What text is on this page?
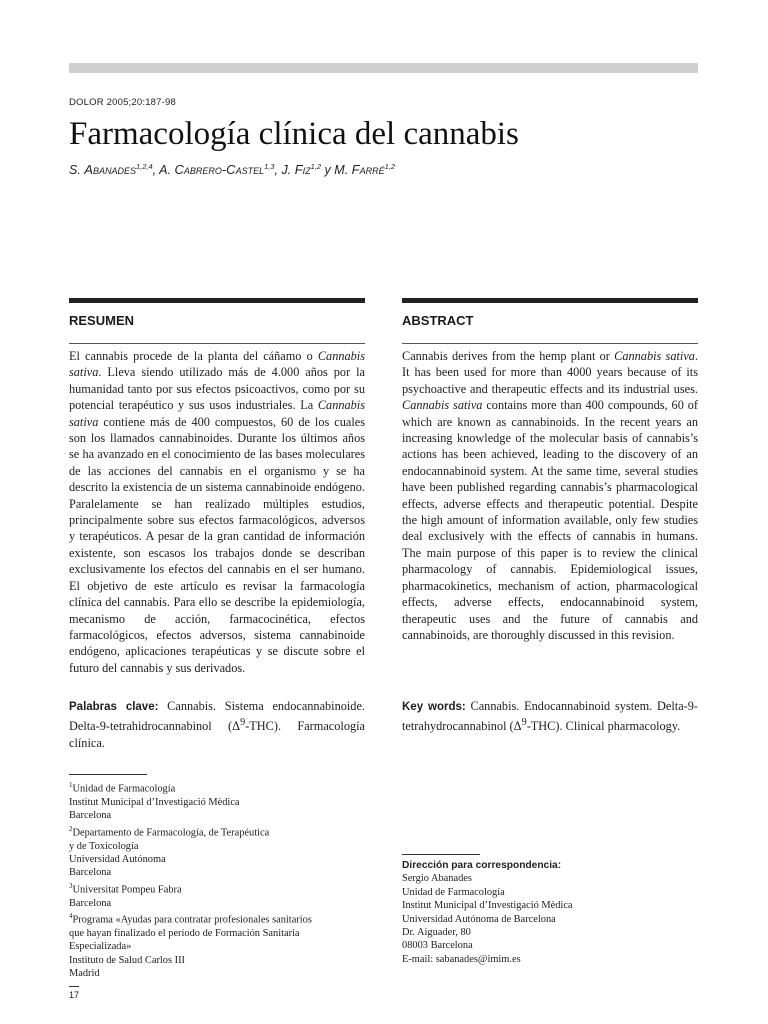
DOLOR 2005;20:187-98
Farmacología clínica del cannabis
S. Abanades$^{1,2,4}$, A. Cabrero-Castel$^{1,3}$, J. Fiz$^{1,2}$ y M. Farré$^{1,2}$
RESUMEN

El cannabis procede de la planta del cáñamo o Cannabis sativa. Lleva siendo utilizado más de 4.000 años por la humanidad tanto por sus efectos psicoactivos, como por su potencial terapéutico y sus usos industriales. La Cannabis sativa contiene más de 400 compuestos, 60 de los cuales son los llamados cannabinoides. Durante los últimos años se ha avanzado en el conocimiento de las bases moleculares de las acciones del cannabis en el organismo y se ha descrito la existencia de un sistema cannabinoide endógeno. Paralelamente se han realizado múltiples estudios, principalmente sobre sus efectos farmacológicos, adversos y terapéuticos. A pesar de la gran cantidad de información existente, son escasos los trabajos donde se describan exclusivamente los efectos del cannabis en el ser humano. El objetivo de este artículo es revisar la farmacología clínica del cannabis. Para ello se describe la epidemiología, mecanismo de acción, farmacocinética, efectos farmacológicos, efectos adversos, sistema cannabinoide endógeno, aplicaciones terapéuticas y se discute sobre el futuro del cannabis y sus derivados.

Palabras clave: Cannabis. Sistema endocannabinoide. Delta-9-tetrahidrocannabinol $(\Delta^9-THC)$. Farmacología clínica.

ABSTRACT

Cannabis derives from the hemp plant or Cannabis sativa. It has been used for more than 4000 years because of its psychoactive and therapeutic effects and its industrial uses. Cannabis sativa contains more than 400 compounds, 60 of which are known as cannabinoids. In the recent years an increasing knowledge of the molecular basis of cannabis’s actions has been achieved, leading to the discovery of an endocannabinoid system. At the same time, several studies have been published regarding cannabis’s pharmacological effects, adverse effects and therapeutic potential. Despite the high amount of information available, only few studies deal exclusively with the effects of cannabis in humans. The main purpose of this paper is to review the clinical pharmacology of cannabis. Epidemiological issues, pharmacokinetics, mechanism of action, pharmacological effects, adverse effects, endocannabinoid system, therapeutic uses and the future of cannabis and cannabinoids, are thoroughly discussed in this revision.

Key words: Cannabis. Endocannabinoid system. Delta-9-tetrahydrocannabinol $(\Delta^9-THC)$. Clinical pharmacology.

$^1$Unidad de Farmacología
Institut Municipal d’Investigació Mèdica
Barcelona
$^2$Departamento de Farmacología, de Terapéutica
y de Toxicología
Universidad Autónoma
Barcelona
$^3$Universitat Pompeu Fabra
Barcelona
$^4$Programa «Ayudas para contratar profesionales sanitarios
que hayan finalizado el período de Formación Sanitaria
Especializada»
Instituto de Salud Carlos III
Madrid
Dirección para correspondencia:
Sergio Abanades
Unidad de Farmacología
Institut Municipal d’Investigació Mèdica
Universidad Autónoma de Barcelona
Dr. Aiguader, 80
08003 Barcelona
E-mail: sabanades@imim.es
17
